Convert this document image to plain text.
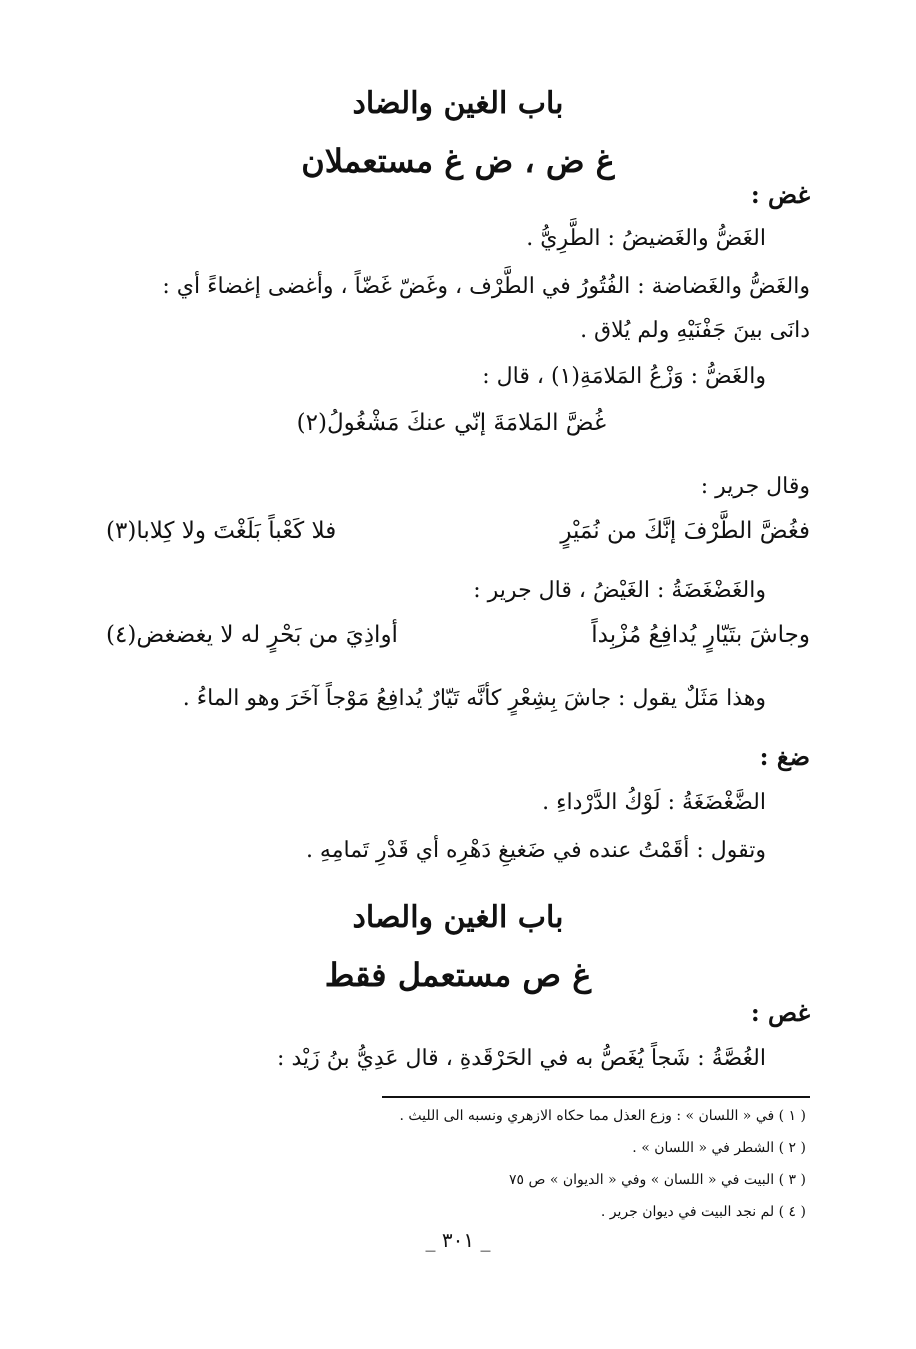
باب الغين والضاد
غ ض ، ض غ مستعملان
غض :
الغَضُّ والغَضيضُ : الطَّرِيُّ .
والغَضُّ والغَضاضة : الفُتُورُ في الطَّرْف ، وغَضّ غَضّاً ، وأغضى إغضاءً أي :
دانَى بينَ جَفْنَيْهِ ولم يُلاق .
والغَضُّ : وَزْعُ المَلامَةِ(١) ، قال :
غُضَّ المَلامَةَ إنّي عنكَ مَشْغُولُ(٢)
وقال جرير :
فغُضَّ الطَّرْفَ إنَّكَ من نُمَيْرٍ
فلا كَعْباً بَلَغْتَ ولا كِلابا(٣)
والغَضْغَضَةُ : الغَيْضُ ، قال جرير :
وجاشَ بتَيّارٍ يُدافِعُ مُزْبِداً
أواذِيَ من بَحْرٍ له لا يغضغض(٤)
وهذا مَثَلٌ يقول : جاشَ بِشِعْرٍ كأنَّه تَيّارٌ يُدافِعُ مَوْجاً آخَرَ وهو الماءُ .
ضغ :
الضَّغْضَغَةُ : لَوْكُ الدَّرْداءِ .
وتقول : أقَمْتُ عنده في ضَغيغِ دَهْرِه أي قَدْرِ تَمامِهِ .
باب الغين والصاد
غ ص مستعمل فقط
غص :
الغُصَّةُ : شَجاً يُغَصُّ به في الحَرْقَدةِ ، قال عَدِيُّ بنُ زَيْد :
( ١ ) في « اللسان » : وزع العذل مما حكاه الازهري ونسبه الى الليث .
( ٢ ) الشطر في « اللسان » .
( ٣ ) البيت في « اللسان » وفي « الديوان » ص ٧٥
( ٤ ) لم نجد البيت في ديوان جرير .
_ ٣٠١ _
